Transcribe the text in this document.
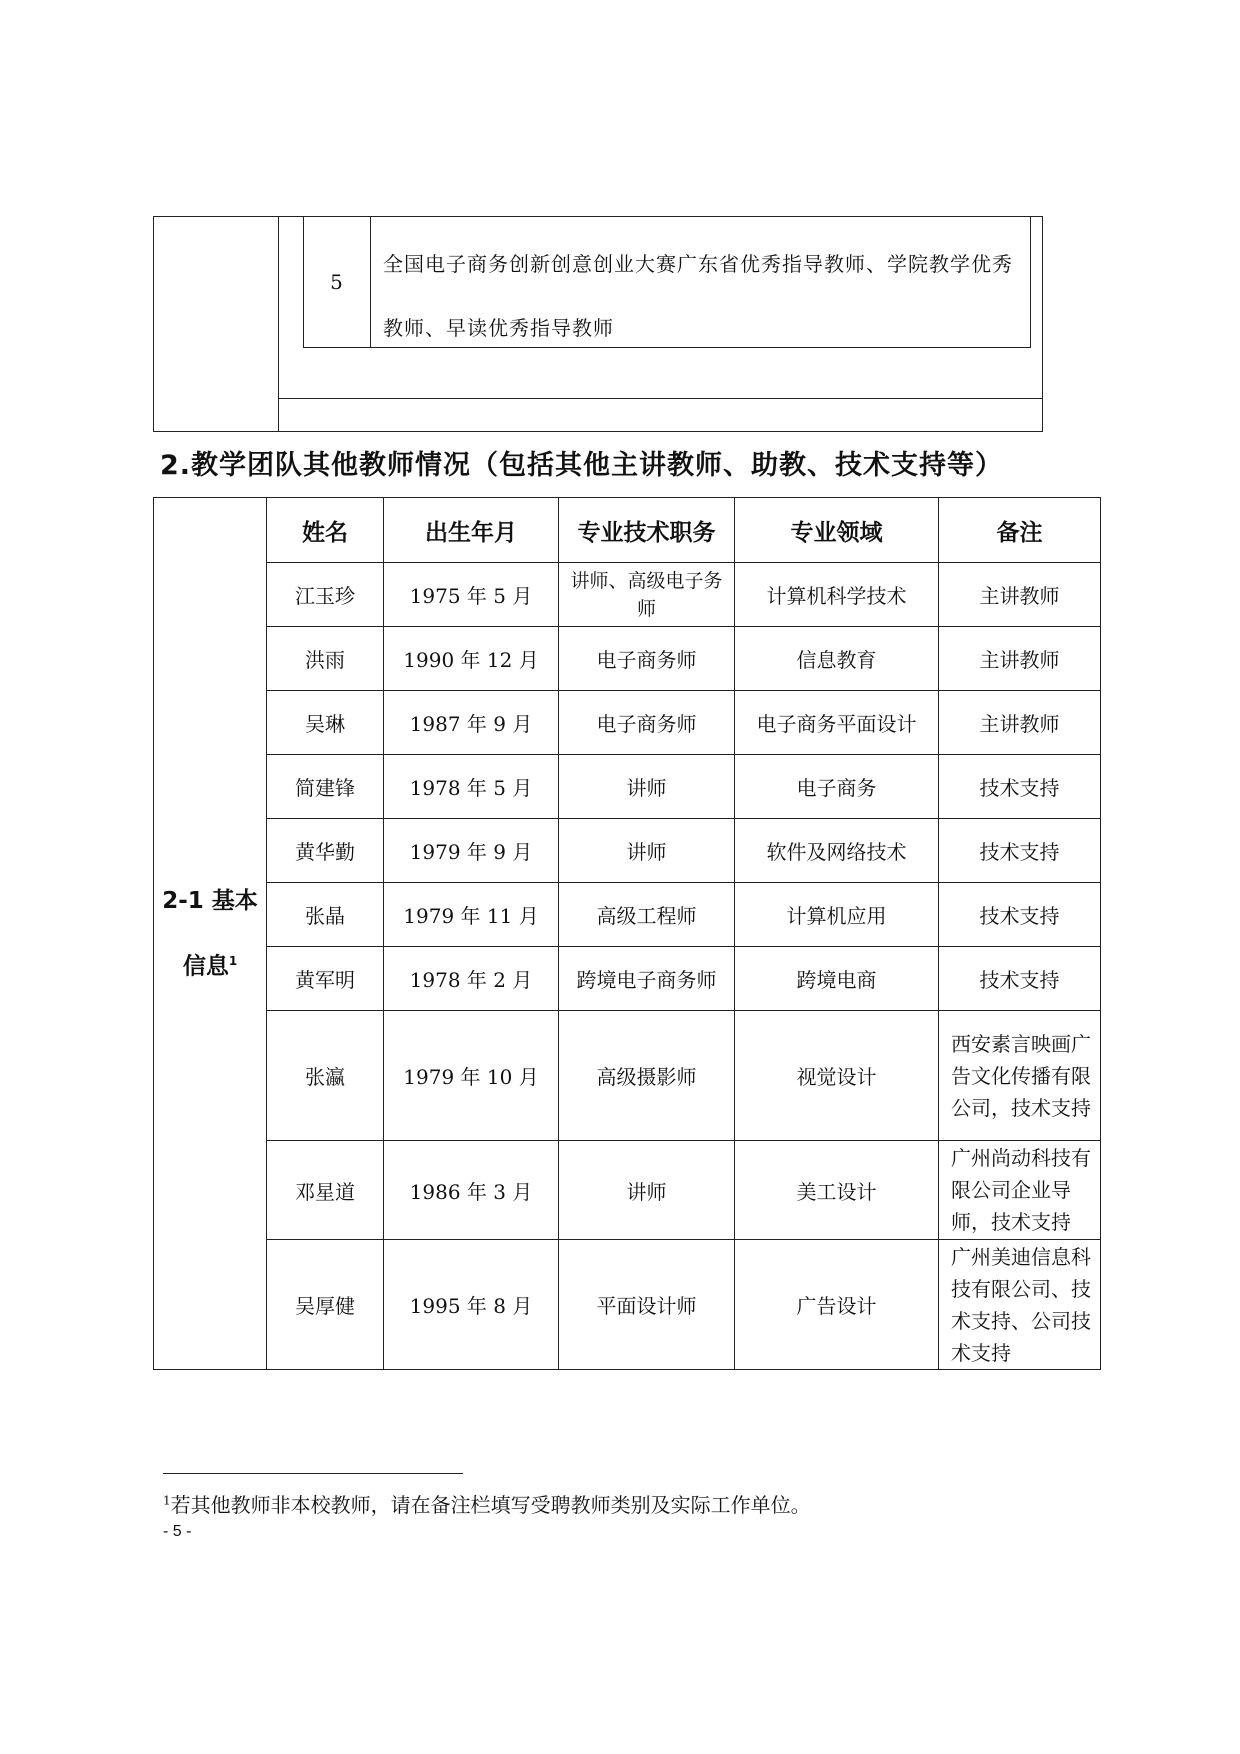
5
全国电子商务创新创意创业大赛广东省优秀指导教师、学院教学优秀教师、早读优秀指导教师
2.教学团队其他教师情况（包括其他主讲教师、助教、技术支持等）
2-1 基本信息$^1$	姓名	出生年月	专业技术职务	专业领域	备注
	江玉珍	1975 年 5 月	讲师、高级电子务师	计算机科学技术	主讲教师
	洪雨	1990 年 12 月	电子商务师	信息教育	主讲教师
	吴琳	1987 年 9 月	电子商务师	电子商务平面设计	主讲教师
	简建锋	1978 年 5 月	讲师	电子商务	技术支持
	黄华勤	1979 年 9 月	讲师	软件及网络技术	技术支持
	张晶	1979 年 11 月	高级工程师	计算机应用	技术支持
	黄军明	1978 年 2 月	跨境电子商务师	跨境电商	技术支持
	张瀛	1979 年 10 月	高级摄影师	视觉设计	西安素言映画广告文化传播有限公司，技术支持
	邓星道	1986 年 3 月	讲师	美工设计	广州尚动科技有限公司企业导师，技术支持
	吴厚健	1995 年 8 月	平面设计师	广告设计	广州美迪信息科技有限公司、技术支持、公司技术支持
$^1$若其他教师非本校教师，请在备注栏填写受聘教师类别及实际工作单位。
- 5 -
